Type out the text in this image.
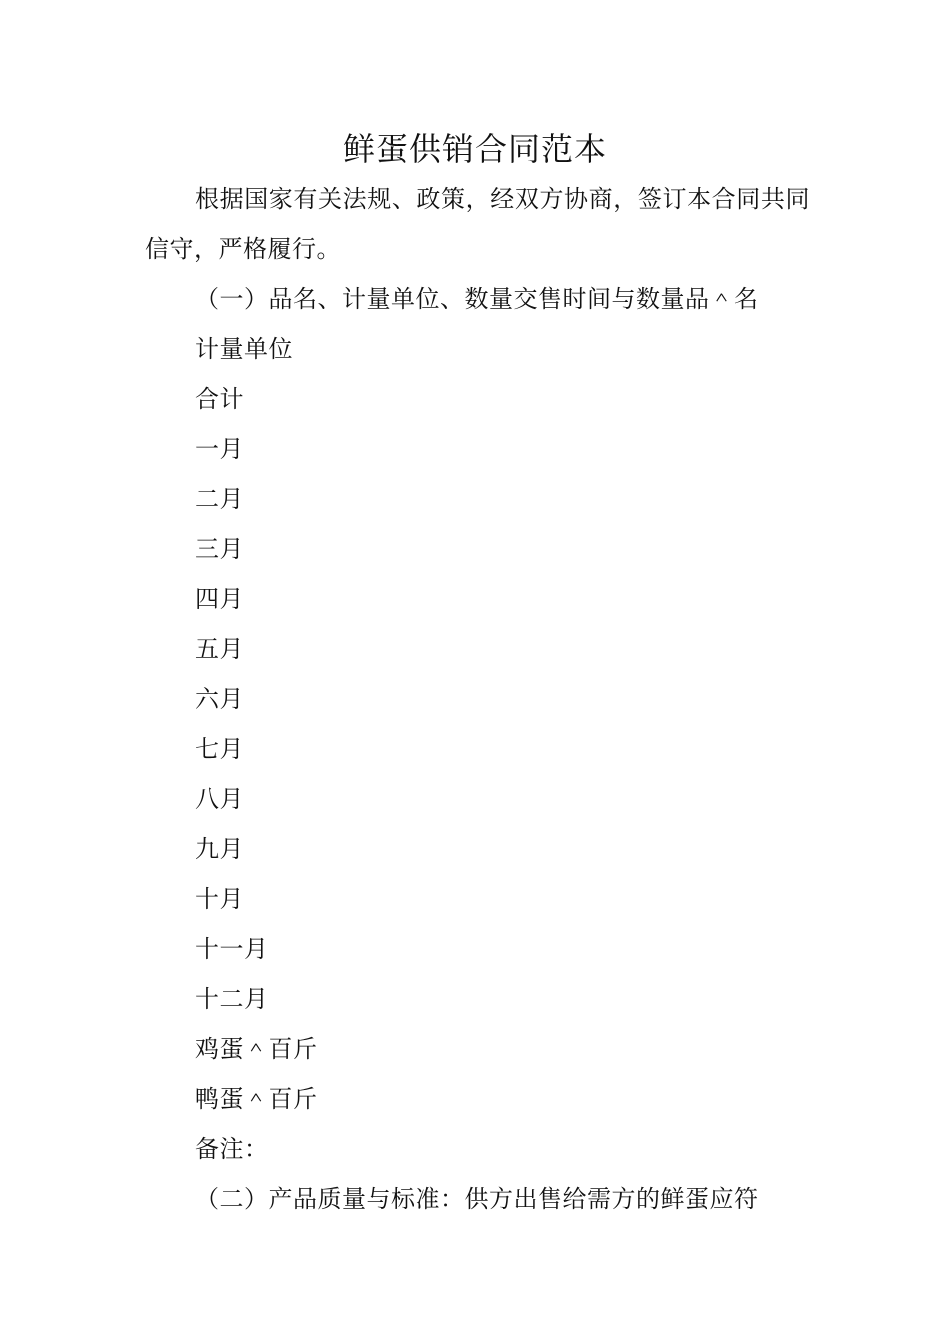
鲜蛋供销合同范本

根据国家有关法规、政策，经双方协商，签订本合同共同信守，严格履行。

（一）品名、计量单位、数量交售时间与数量品＾名

计量单位

合计

一月

二月

三月

四月

五月

六月

七月

八月

九月

十月

十一月

十二月

鸡蛋＾百斤

鸭蛋＾百斤

备注：

（二）产品质量与标准：供方出售给需方的鲜蛋应符
